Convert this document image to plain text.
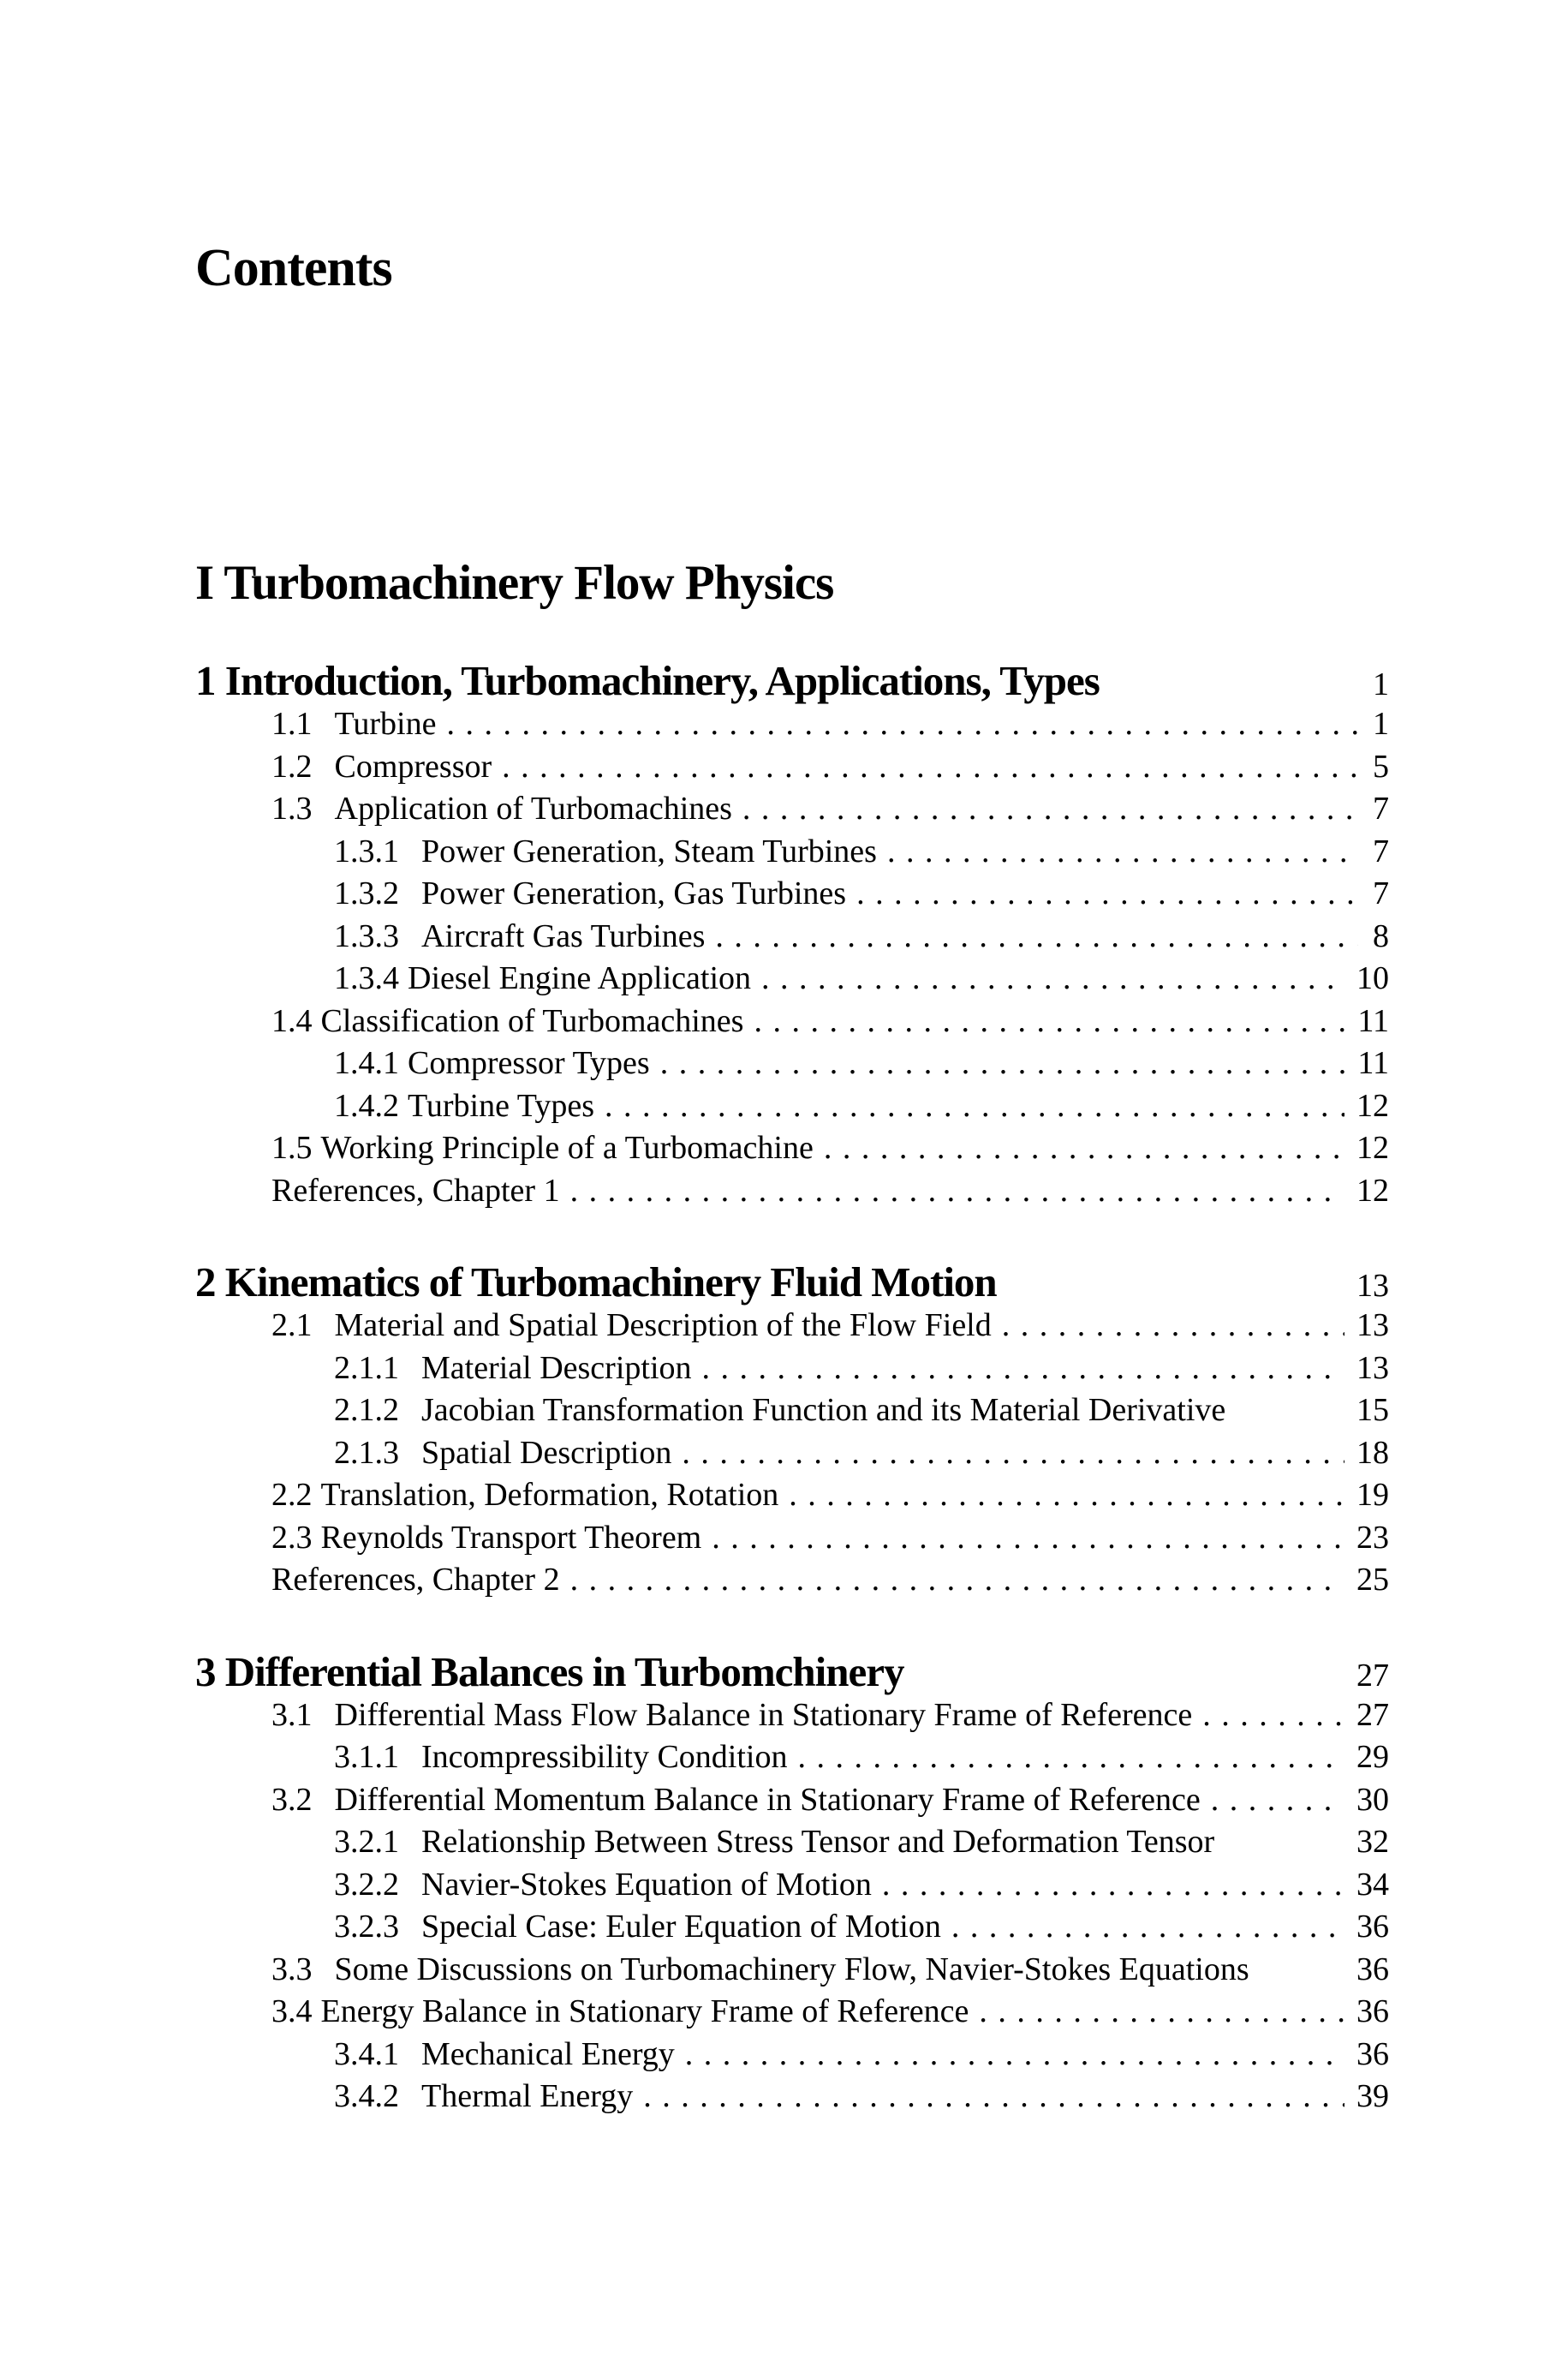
Contents
I Turbomachinery Flow Physics
1 Introduction, Turbomachinery, Applications, Types	1
1.1 Turbine . . .	1
1.2 Compressor . . .	5
1.3 Application of Turbomachines . . .	7
1.3.1 Power Generation, Steam Turbines . . .	7
1.3.2 Power Generation, Gas Turbines . . .	7
1.3.3 Aircraft Gas Turbines . . .	8
1.3.4 Diesel Engine Application . . .	10
1.4 Classification of Turbomachines . . .	11
1.4.1 Compressor Types . . .	11
1.4.2 Turbine Types . . .	12
1.5 Working Principle of a Turbomachine . . .	12
References, Chapter 1 . . .	12
2 Kinematics of Turbomachinery Fluid Motion	13
2.1 Material and Spatial Description of the Flow Field . . .	13
2.1.1 Material Description . . .	13
2.1.2 Jacobian Transformation Function and its Material Derivative	15
2.1.3 Spatial Description . . .	18
2.2 Translation, Deformation, Rotation . . .	19
2.3 Reynolds Transport Theorem . . .	23
References, Chapter 2 . . .	25
3 Differential Balances in Turbomchinery	27
3.1 Differential Mass Flow Balance in Stationary Frame of Reference . . .	27
3.1.1 Incompressibility Condition . . .	29
3.2 Differential Momentum Balance in Stationary Frame of Reference . . .	30
3.2.1 Relationship Between Stress Tensor and Deformation Tensor	32
3.2.2 Navier-Stokes Equation of Motion . . .	34
3.2.3 Special Case: Euler Equation of Motion . . .	36
3.3 Some Discussions on Turbomachinery Flow, Navier-Stokes Equations	36
3.4 Energy Balance in Stationary Frame of Reference . . .	36
3.4.1 Mechanical Energy . . .	36
3.4.2 Thermal Energy . . .	39
